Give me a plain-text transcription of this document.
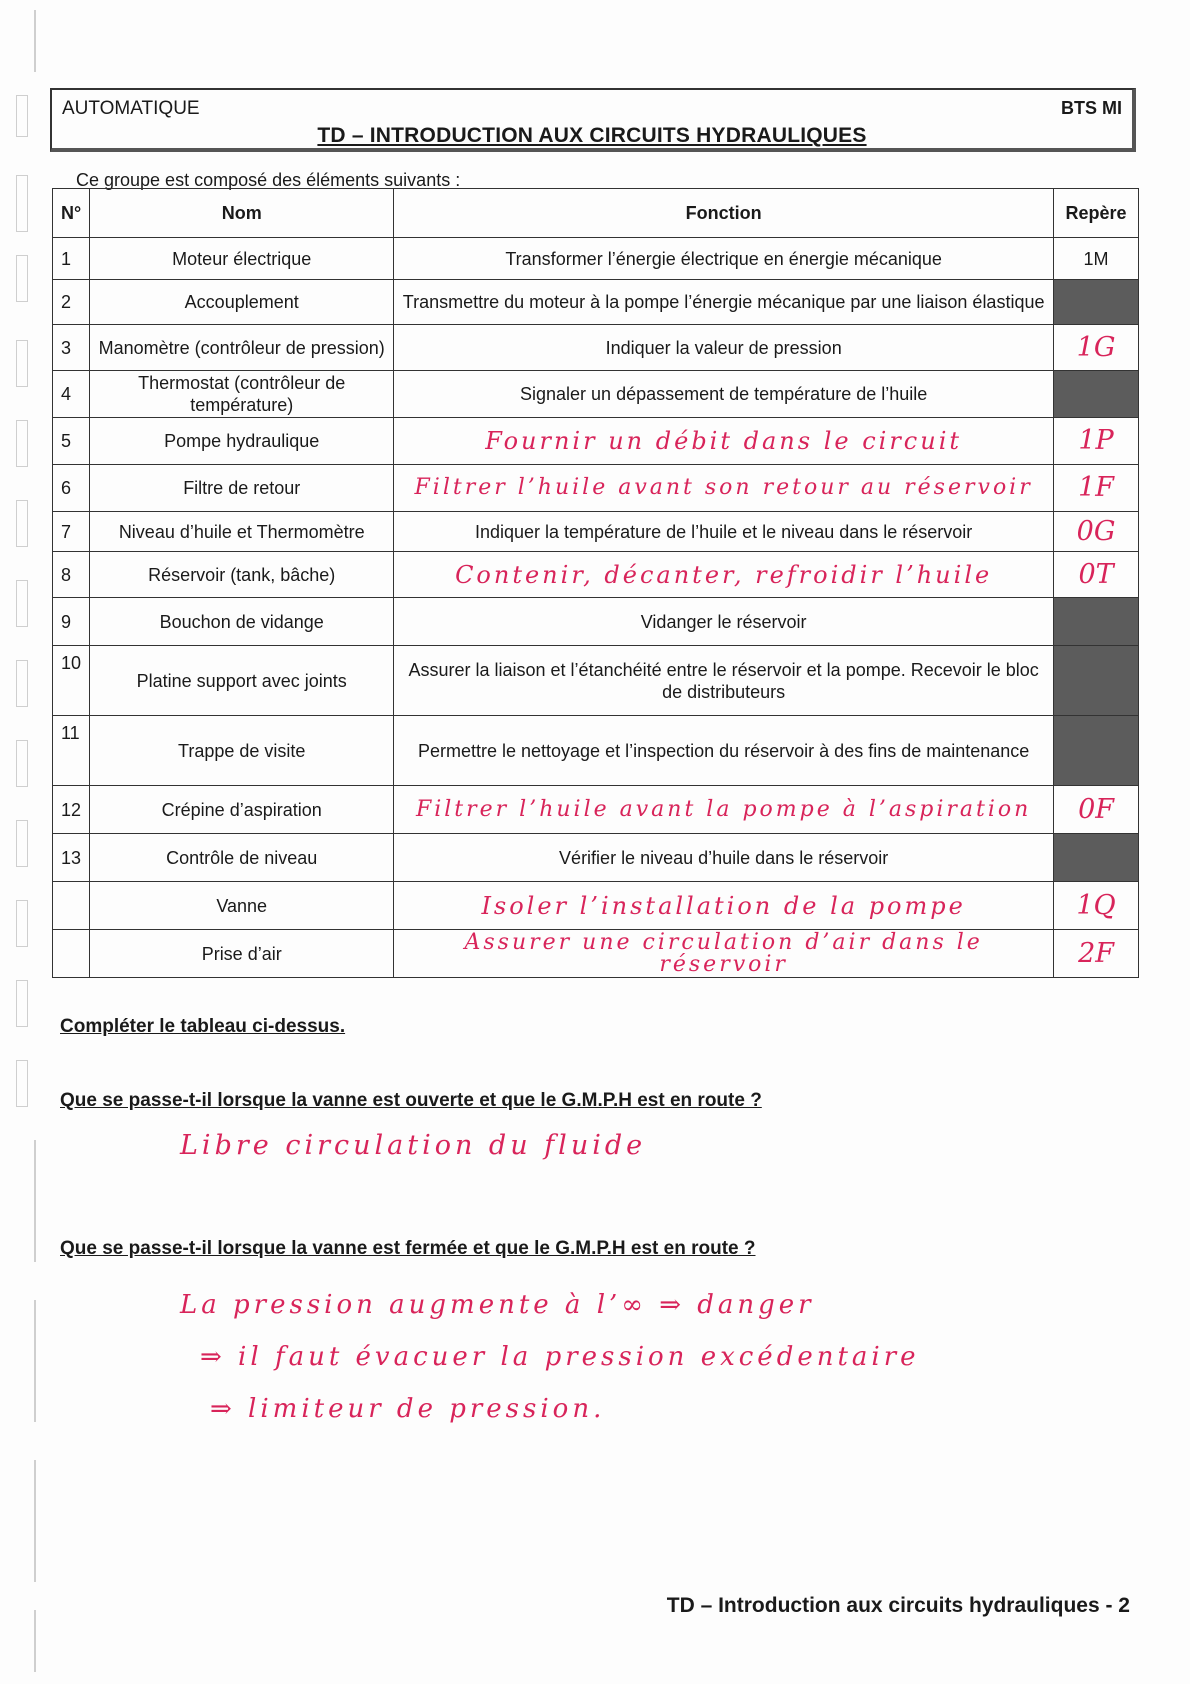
AUTOMATIQUE	BTS MI
TD – INTRODUCTION AUX CIRCUITS HYDRAULIQUES
Ce groupe est composé des éléments suivants :
N°	Nom	Fonction	Repère
1	Moteur électrique	Transformer l’énergie électrique en énergie mécanique	1M
2	Accouplement	Transmettre du moteur à la pompe l’énergie mécanique par une liaison élastique	
3	Manomètre (contrôleur de pression)	Indiquer la valeur de pression	1G
4	Thermostat (contrôleur de température)	Signaler un dépassement de température de l’huile	
5	Pompe hydraulique	Fournir un débit dans le circuit	1P
6	Filtre de retour	Filtrer l’huile avant son retour au réservoir	1F
7	Niveau d’huile et Thermomètre	Indiquer la température de l’huile et le niveau dans le réservoir	0G
8	Réservoir (tank, bâche)	Contenir, décanter, refroidir l’huile	0T
9	Bouchon de vidange	Vidanger le réservoir	
10	Platine support avec joints	Assurer la liaison et l’étanchéité entre le réservoir et la pompe. Recevoir le bloc de distributeurs	
11	Trappe de visite	Permettre le nettoyage et l’inspection du réservoir à des fins de maintenance	
12	Crépine d’aspiration	Filtrer l’huile avant la pompe à l’aspiration	0F
13	Contrôle de niveau	Vérifier le niveau d’huile dans le réservoir	
	Vanne	Isoler l’installation de la pompe	1Q
	Prise d’air	Assurer une circulation d’air dans le réservoir	2F
Compléter le tableau ci-dessus.
Que se passe-t-il lorsque la vanne est ouverte et que le G.M.P.H est en route ?
Libre circulation du fluide
Que se passe-t-il lorsque la vanne est fermée et que le G.M.P.H est en route ?
La pression augmente à l’∞ ⇒ danger
⇒ il faut évacuer la pression excédentaire
⇒ limiteur de pression.
TD – Introduction aux circuits hydrauliques - 2
